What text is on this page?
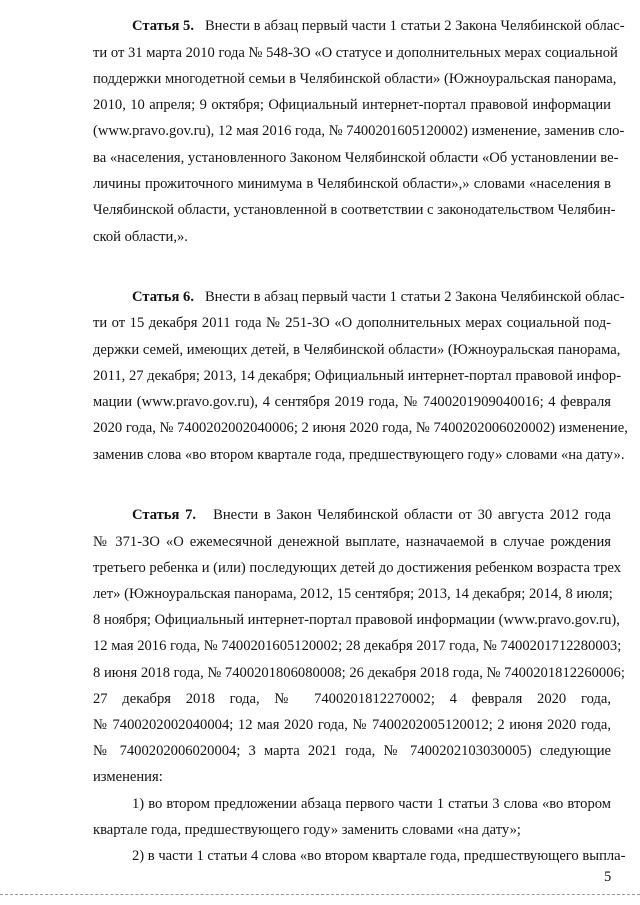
Статья 5. Внести в абзац первый части 1 статьи 2 Закона Челябинской облас-
ти от 31 марта 2010 года № 548-ЗО «О статусе и дополнительных мерах социальной
поддержки многодетной семьи в Челябинской области» (Южноуральская панорама,
2010, 10 апреля; 9 октября; Официальный интернет-портал правовой информации
(www.pravo.gov.ru), 12 мая 2016 года, № 7400201605120002) изменение, заменив сло-
ва «населения, установленного Законом Челябинской области «Об установлении ве-
личины прожиточного минимума в Челябинской области»,» словами «населения в
Челябинской области, установленной в соответствии с законодательством Челябин-
ской области,».
Статья 6. Внести в абзац первый части 1 статьи 2 Закона Челябинской облас-
ти от 15 декабря 2011 года № 251-ЗО «О дополнительных мерах социальной под-
держки семей, имеющих детей, в Челябинской области» (Южноуральская панорама,
2011, 27 декабря; 2013, 14 декабря; Официальный интернет-портал правовой инфор-
мации (www.pravo.gov.ru), 4 сентября 2019 года, № 7400201909040016; 4 февраля
2020 года, № 7400202002040006; 2 июня 2020 года, № 7400202006020002) изменение,
заменив слова «во втором квартале года, предшествующего году» словами «на дату».
Статья 7. Внести в Закон Челябинской области от 30 августа 2012 года
№ 371-ЗО «О ежемесячной денежной выплате, назначаемой в случае рождения
третьего ребенка и (или) последующих детей до достижения ребенком возраста трех
лет» (Южноуральская панорама, 2012, 15 сентября; 2013, 14 декабря; 2014, 8 июля;
8 ноября; Официальный интернет-портал правовой информации (www.pravo.gov.ru),
12 мая 2016 года, № 7400201605120002; 28 декабря 2017 года, № 7400201712280003;
8 июня 2018 года, № 7400201806080008; 26 декабря 2018 года, № 7400201812260006;
27 декабря 2018 года, № 7400201812270002; 4 февраля 2020 года,
№ 7400202002040004; 12 мая 2020 года, № 7400202005120012; 2 июня 2020 года,
№ 7400202006020004; 3 марта 2021 года, № 7400202103030005) следующие
изменения:
1) во втором предложении абзаца первого части 1 статьи 3 слова «во втором
квартале года, предшествующего году» заменить словами «на дату»;
2) в части 1 статьи 4 слова «во втором квартале года, предшествующего выпла-
5
